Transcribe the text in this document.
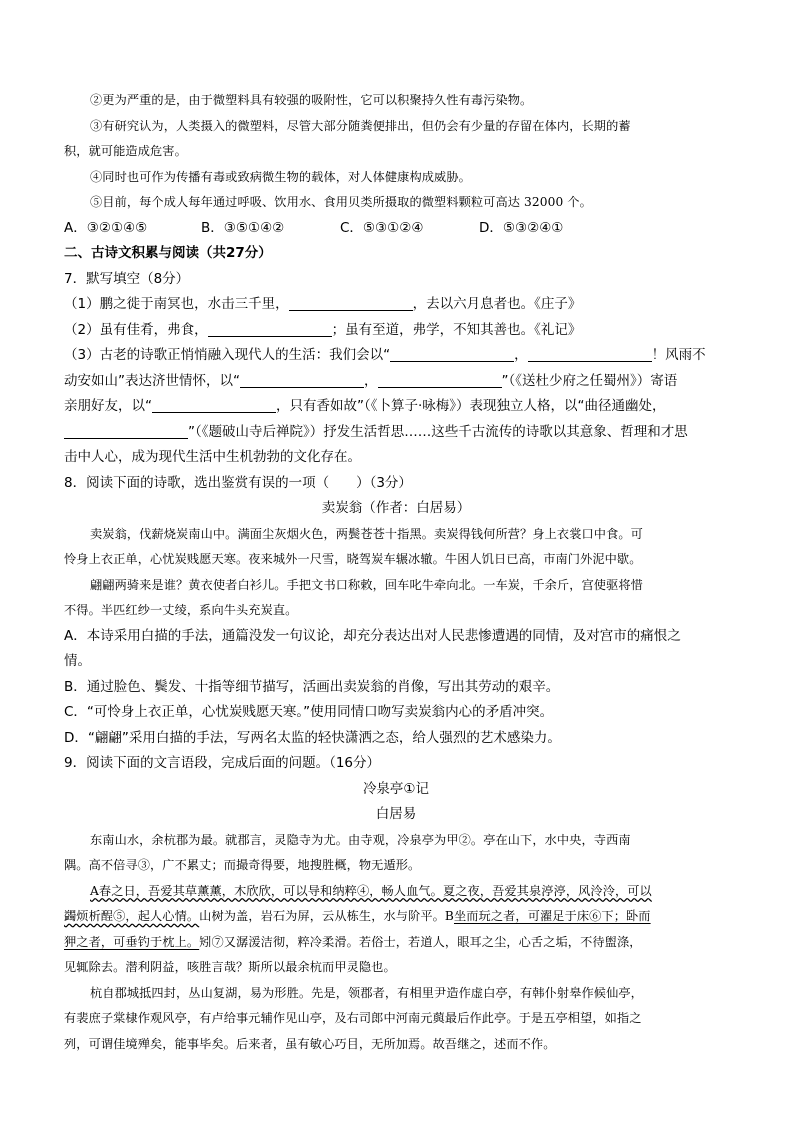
②更为严重的是，由于微塑料具有较强的吸附性，它可以积聚持久性有毒污染物。
③有研究认为，人类摄入的微塑料，尽管大部分随粪便排出，但仍会有少量的存留在体内，长期的蓄
积，就可能造成危害。
④同时也可作为传播有毒或致病微生物的载体，对人体健康构成威胁。
⑤目前，每个成人每年通过呼吸、饮用水、食用贝类所摄取的微塑料颗粒可高达 32000 个。
A．③②①④⑤	B．③⑤①④②	C．⑤③①②④	D．⑤③②④①
二、古诗文积累与阅读（共27分）
7．默写填空（8分）
（1）鹏之徙于南冥也，水击三千里，	，去以六月息者也。《庄子》
（2）虽有佳肴，弗食，	；虽有至道，弗学，不知其善也。《礼记》
（3）古老的诗歌正悄悄融入现代人的生活：我们会以“	，	！风雨不
动安如山”表达济世情怀，以“	，	”（《送杜少府之任蜀州》）寄语
亲朋好友，以“	，只有香如故”（《卜算子·咏梅》）表现独立人格，以“曲径通幽处，
”（《题破山寺后禅院》）抒发生活哲思……这些千古流传的诗歌以其意象、哲理和才思
击中人心，成为现代生活中生机勃勃的文化存在。
8．阅读下面的诗歌，选出鉴赏有误的一项（　　）（3分）
卖炭翁（作者：白居易）
卖炭翁，伐薪烧炭南山中。满面尘灰烟火色，两鬓苍苍十指黑。卖炭得钱何所营？身上衣裳口中食。可
怜身上衣正单，心忧炭贱愿天寒。夜来城外一尺雪，晓驾炭车辗冰辙。牛困人饥日已高，市南门外泥中歇。
翩翩两骑来是谁？黄衣使者白衫儿。手把文书口称敕，回车叱牛牵向北。一车炭，千余斤，宫使驱将惜
不得。半匹红纱一丈绫，系向牛头充炭直。
A．本诗采用白描的手法，通篇没发一句议论，却充分表达出对人民悲惨遭遇的同情，及对宫市的痛恨之
情。
B．通过脸色、鬓发、十指等细节描写，活画出卖炭翁的肖像，写出其劳动的艰辛。
C．“可怜身上衣正单，心忧炭贱愿天寒。”使用同情口吻写卖炭翁内心的矛盾冲突。
D．“翩翩”采用白描的手法，写两名太监的轻快潇洒之态，给人强烈的艺术感染力。
9．阅读下面的文言语段，完成后面的问题。（16分）
冷泉亭①记
白居易
东南山水，余杭郡为最。就郡言，灵隐寺为尤。由寺观，冷泉亭为甲②。亭在山下，水中央，寺西南
隅。高不倍寻③，广不累丈；而撮奇得要，地搜胜概，物无遁形。
A春之日，吾爱其草薰薰，木欣欣，可以导和纳粹④，畅人血气。夏之夜，吾爱其泉渟渟，风泠泠，可以
蠲烦析酲⑤，起人心情。山树为盖，岩石为屏，云从栋生，水与阶平。B坐而玩之者，可濯足于床⑥下；卧而
狎之者，可垂钓于枕上。矧⑦又潺湲洁彻，粹冷柔滑。若俗士，若道人，眼耳之尘，心舌之垢，不待盥涤，
见辄除去。潜利阴益，咳胜言哉？斯所以最余杭而甲灵隐也。
杭自郡城抵四封，丛山复湖，易为形胜。先是，领郡者，有相里尹造作虚白亭，有韩仆射皋作候仙亭，
有裴庶子棠棣作观风亭，有卢给事元辅作见山亭，及右司郎中河南元藇最后作此亭。于是五亭相望，如指之
列，可谓佳境殚矣，能事毕矣。后来者，虽有敏心巧目，无所加焉。故吾继之，述而不作。
